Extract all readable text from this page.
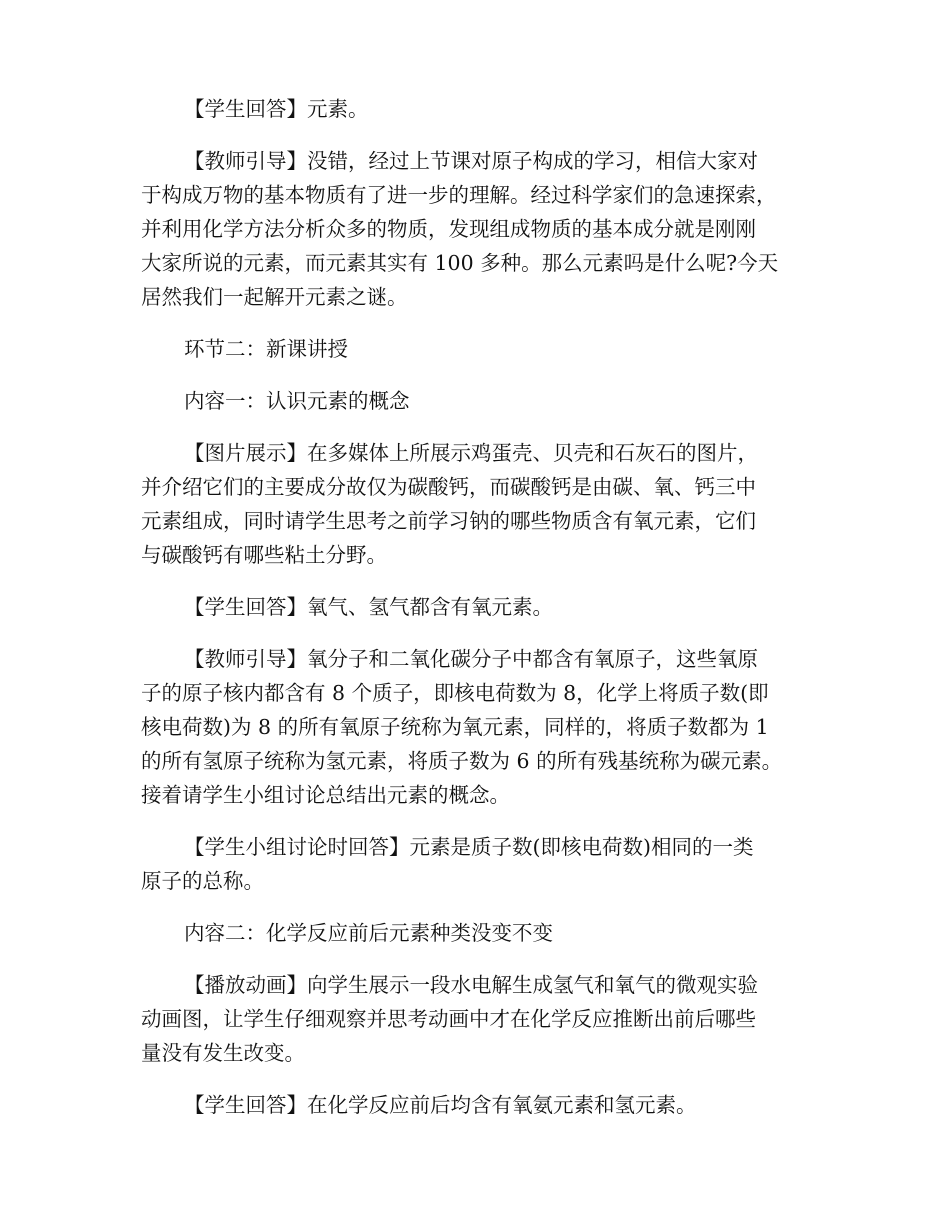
【学生回答】元素。

【教师引导】没错，经过上节课对原子构成的学习，相信大家对
于构成万物的基本物质有了进一步的理解。经过科学家们的急速探索，
并利用化学方法分析众多的物质，发现组成物质的基本成分就是刚刚
大家所说的元素，而元素其实有 100 多种。那么元素吗是什么呢?今天
居然我们一起解开元素之谜。

环节二：新课讲授

内容一：认识元素的概念

【图片展示】在多媒体上所展示鸡蛋壳、贝壳和石灰石的图片，
并介绍它们的主要成分故仅为碳酸钙，而碳酸钙是由碳、氧、钙三中
元素组成，同时请学生思考之前学习钠的哪些物质含有氧元素，它们
与碳酸钙有哪些粘土分野。

【学生回答】氧气、氢气都含有氧元素。

【教师引导】氧分子和二氧化碳分子中都含有氧原子，这些氧原
子的原子核内都含有 8 个质子，即核电荷数为 8，化学上将质子数(即
核电荷数)为 8 的所有氧原子统称为氧元素，同样的，将质子数都为 1
的所有氢原子统称为氢元素，将质子数为 6 的所有残基统称为碳元素。
接着请学生小组讨论总结出元素的概念。

【学生小组讨论时回答】元素是质子数(即核电荷数)相同的一类
原子的总称。

内容二：化学反应前后元素种类没变不变

【播放动画】向学生展示一段水电解生成氢气和氧气的微观实验
动画图，让学生仔细观察并思考动画中才在化学反应推断出前后哪些
量没有发生改变。

【学生回答】在化学反应前后均含有氧氨元素和氢元素。
